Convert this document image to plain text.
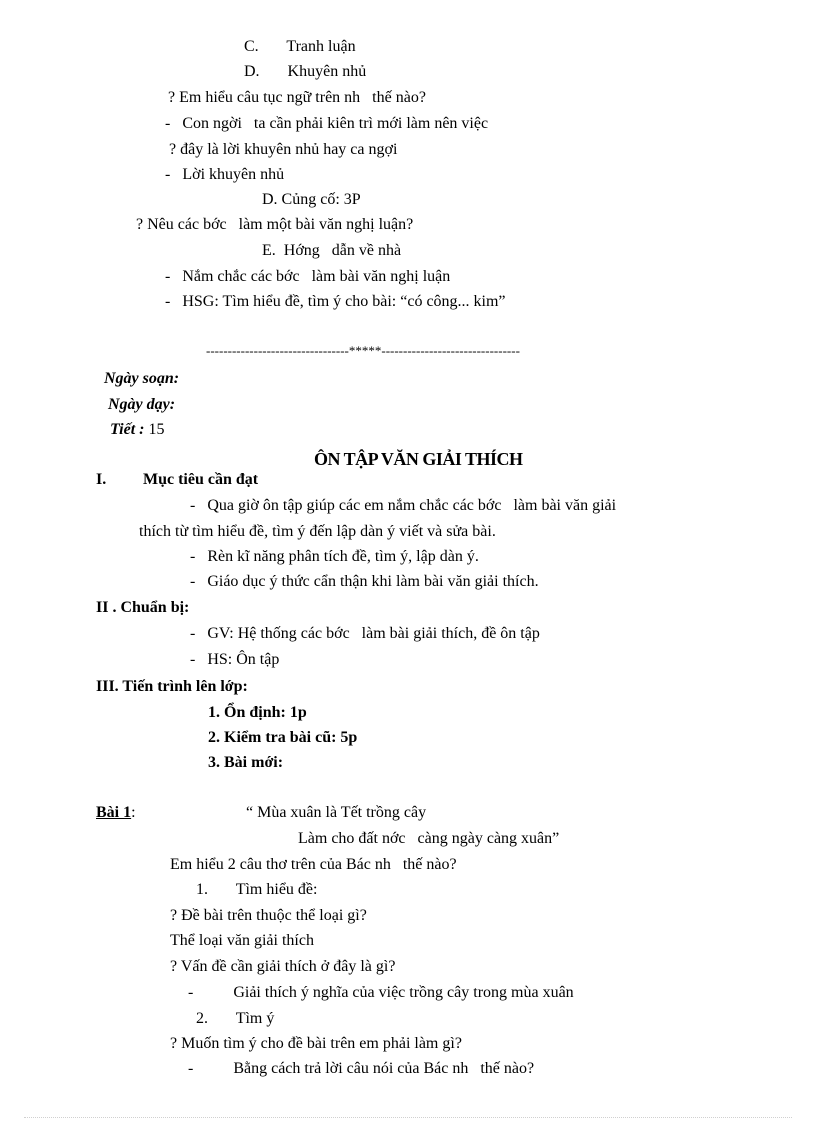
C.       Tranh luận
D.       Khuyên nhủ
? Em hiểu câu tục ngữ trên nh   thế nào?
-   Con ngời   ta cần phải kiên trì mới làm nên việc
? đây là lời khuyên nhủ hay ca ngợi
-   Lời khuyên nhủ
D. Củng cố: 3P
? Nêu các bớc   làm một bài văn nghị luận?
E.  Hớng   dẫn về nhà
-   Nắm chắc các bớc   làm bài văn nghị luận
-   HSG: Tìm hiểu đề, tìm ý cho bài: “có công... kim”
---------------------------------*****--------------------------------
Ngày soạn:
Ngày dạy:
Tiết : 15
ÔN TẬP VĂN GIẢI THÍCH
I. Mục tiêu cần đạt
-   Qua giờ ôn tập giúp các em nắm chắc các bớc   làm bài văn giải
thích từ tìm hiểu đề, tìm ý đến lập dàn ý viết và sửa bài.
-   Rèn kĩ năng phân tích đề, tìm ý, lập dàn ý.
-   Giáo dục ý thức cẩn thận khi làm bài văn giải thích.
II . Chuẩn bị:
-   GV: Hệ thống các bớc   làm bài giải thích, đề ôn tập
-   HS: Ôn tập
III. Tiến trình lên lớp:
1. Ổn định: 1p
2. Kiểm tra bài cũ: 5p
3. Bài mới:
Bài 1:	“ Mùa xuân là Tết trồng cây
Làm cho đất nớc   càng ngày càng xuân”
Em hiểu 2 câu thơ trên của Bác nh   thế nào?
1.       Tìm hiểu đề:
? Đề bài trên thuộc thể loại gì?
Thể loại văn giải thích
? Vấn đề cần giải thích ở đây là gì?
-          Giải thích ý nghĩa của việc trồng cây trong mùa xuân
2.       Tìm ý
? Muốn tìm ý cho đề bài trên em phải làm gì?
-          Bằng cách trả lời câu nói của Bác nh   thế nào?
